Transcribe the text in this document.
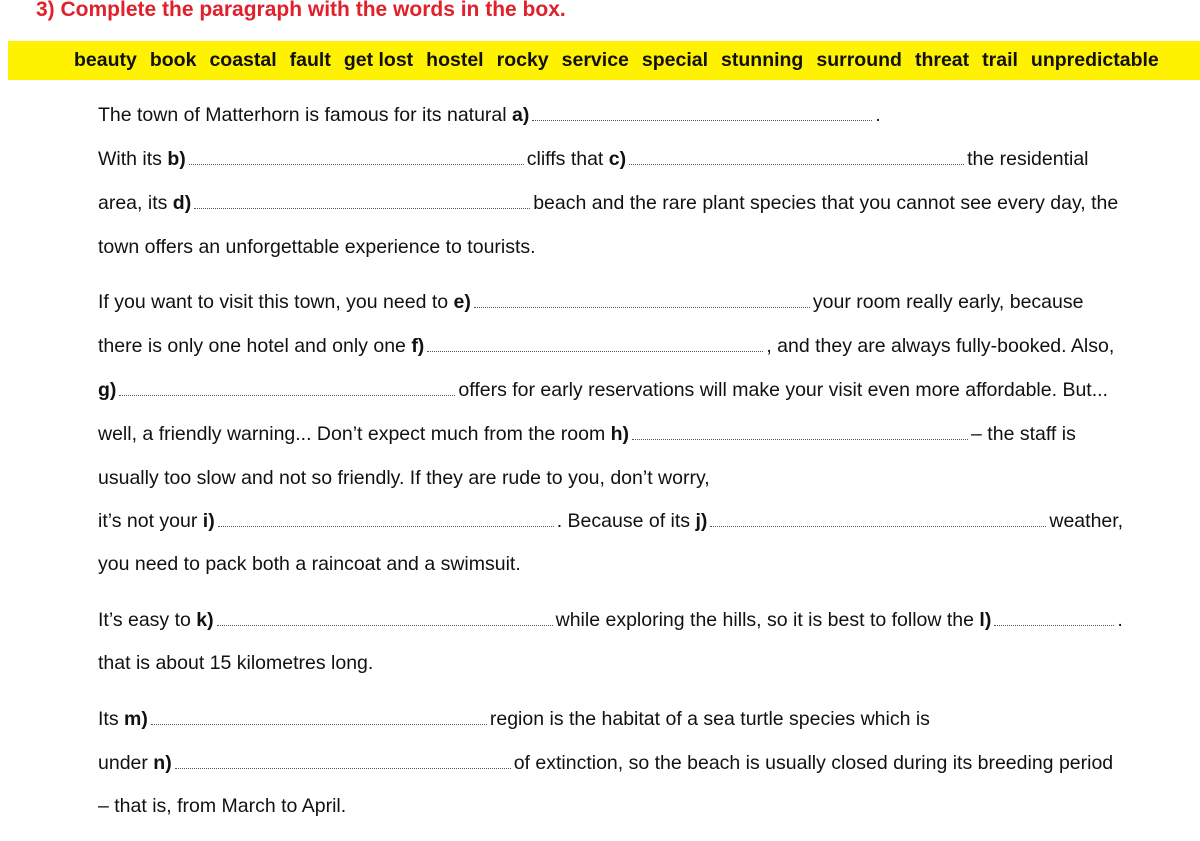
3) Complete the paragraph with the words in the box.
beauty book coastal fault get lost hostel rocky service special stunning surround threat trail unpredictable
The town of Matterhorn is famous for its natural a)	.
With its b)	cliffs that c)	the residential
area, its d)	beach and the rare plant species that you cannot see every day, the
town offers an unforgettable experience to tourists.
If you want to visit this town, you need to e)	your room really early, because
there is only one hotel and only one f)	, and they are always fully-booked. Also,
g)	offers for early reservations will make your visit even more affordable. But...
well, a friendly warning... Don’t expect much from the room h)	– the staff is
usually too slow and not so friendly. If they are rude to you, don’t worry,
it’s not your i)	. Because of its j)	weather,
you need to pack both a raincoat and a swimsuit.
It’s easy to k)	while exploring the hills, so it is best to follow the l)	.
that is about 15 kilometres long.
Its m)	region is the habitat of a sea turtle species which is
under n)	of extinction, so the beach is usually closed during its breeding period
– that is, from March to April.
